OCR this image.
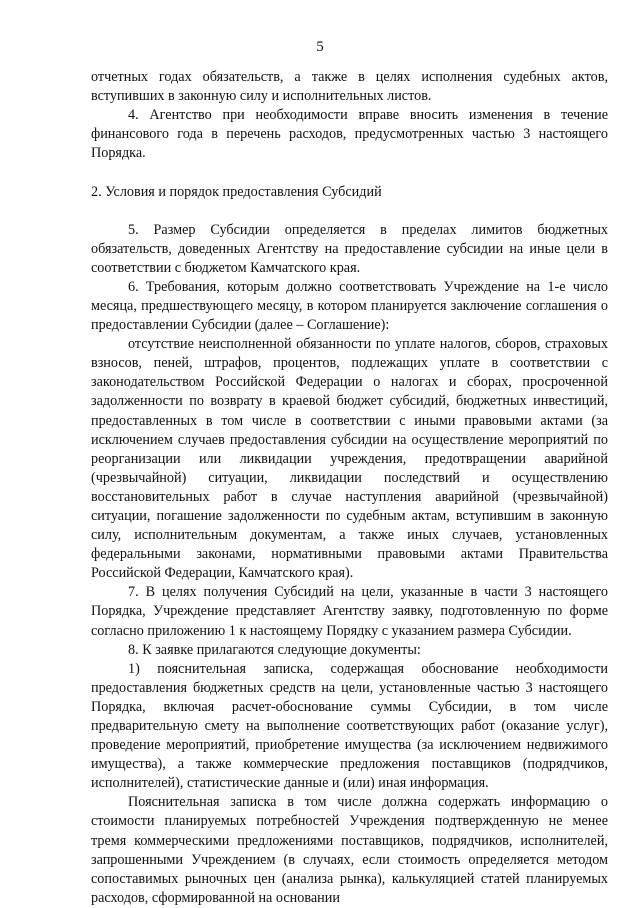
5

отчетных годах обязательств, а также в целях исполнения судебных актов, вступивших в законную силу и исполнительных листов.

4. Агентство при необходимости вправе вносить изменения в течение финансового года в перечень расходов, предусмотренных частью 3 настоящего Порядка.

2. Условия и порядок предоставления Субсидий

5. Размер Субсидии определяется в пределах лимитов бюджетных обязательств, доведенных Агентству на предоставление субсидии на иные цели в соответствии с бюджетом Камчатского края.

6. Требования, которым должно соответствовать Учреждение на 1-е число месяца, предшествующего месяцу, в котором планируется заключение соглашения о предоставлении Субсидии (далее – Соглашение):

отсутствие неисполненной обязанности по уплате налогов, сборов, страховых взносов, пеней, штрафов, процентов, подлежащих уплате в соответствии с законодательством Российской Федерации о налогах и сборах, просроченной задолженности по возврату в краевой бюджет субсидий, бюджетных инвестиций, предоставленных в том числе в соответствии с иными правовыми актами (за исключением случаев предоставления субсидии на осуществление мероприятий по реорганизации или ликвидации учреждения, предотвращении аварийной (чрезвычайной) ситуации, ликвидации последствий и осуществлению восстановительных работ в случае наступления аварийной (чрезвычайной) ситуации, погашение задолженности по судебным актам, вступившим в законную силу, исполнительным документам, а также иных случаев, установленных федеральными законами, нормативными правовыми актами Правительства Российской Федерации, Камчатского края).

7. В целях получения Субсидий на цели, указанные в части 3 настоящего Порядка, Учреждение представляет Агентству заявку, подготовленную по форме согласно приложению 1 к настоящему Порядку с указанием размера Субсидии.

8. К заявке прилагаются следующие документы:

1) пояснительная записка, содержащая обоснование необходимости предоставления бюджетных средств на цели, установленные частью 3 настоящего Порядка, включая расчет-обоснование суммы Субсидии, в том числе предварительную смету на выполнение соответствующих работ (оказание услуг), проведение мероприятий, приобретение имущества (за исключением недвижимого имущества), а также коммерческие предложения поставщиков (подрядчиков, исполнителей), статистические данные и (или) иная информация.

Пояснительная записка в том числе должна содержать информацию о стоимости планируемых потребностей Учреждения подтвержденную не менее тремя коммерческими предложениями поставщиков, подрядчиков, исполнителей, запрошенными Учреждением (в случаях, если стоимость определяется методом сопоставимых рыночных цен (анализа рынка), калькуляцией статей планируемых расходов, сформированной на основании
